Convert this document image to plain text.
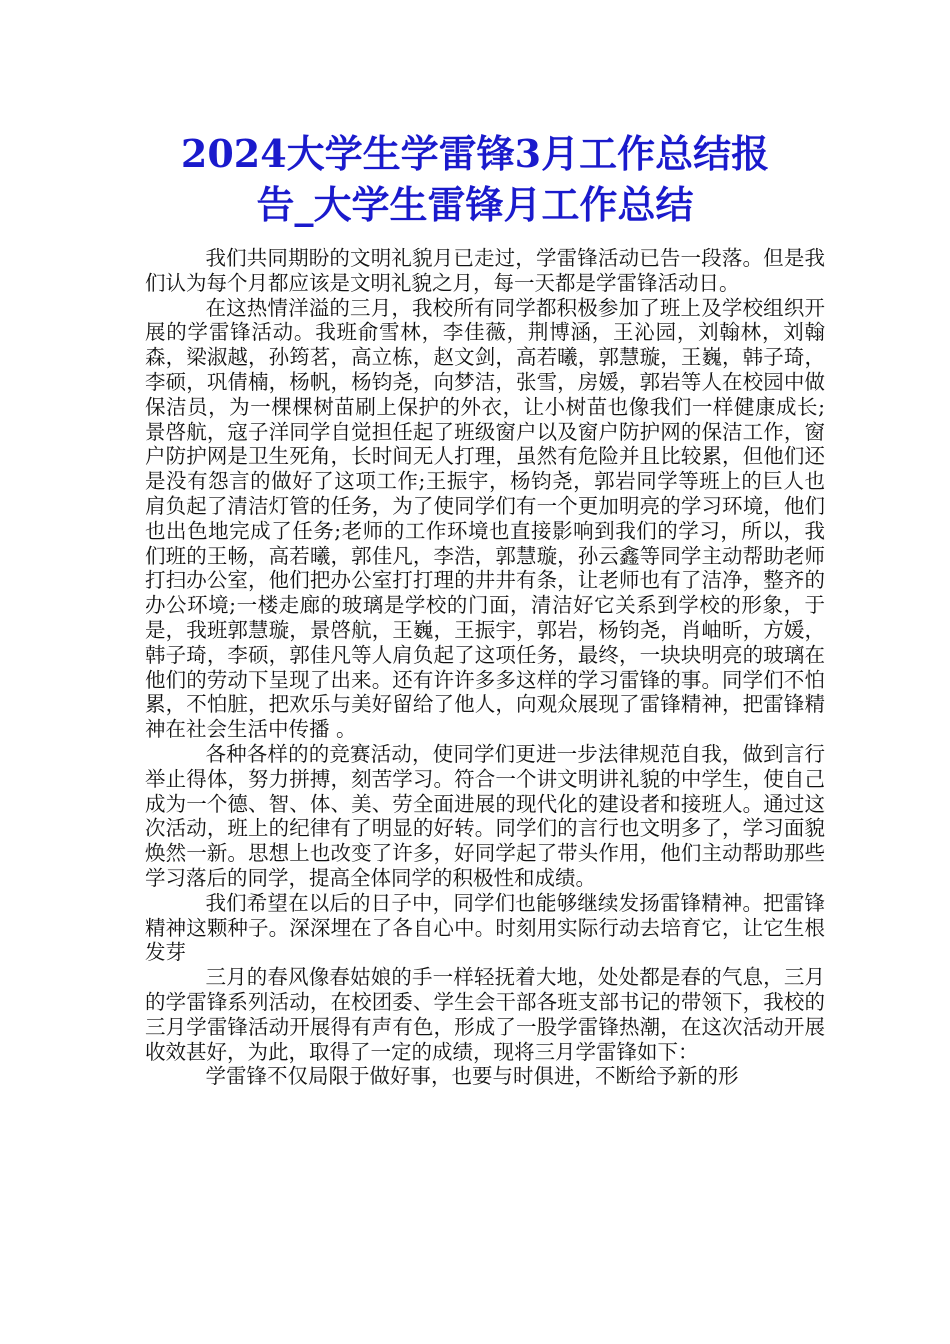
2024大学生学雷锋3月工作总结报
告_大学生雷锋月工作总结

我们共同期盼的文明礼貌月已走过，学雷锋活动已告一段落。但是我们认为每个月都应该是文明礼貌之月，每一天都是学雷锋活动日。

在这热情洋溢的三月，我校所有同学都积极参加了班上及学校组织开展的学雷锋活动。我班俞雪林，李佳薇，荆博涵，王沁园，刘翰林，刘翰森，梁淑越，孙筠茗，高立栋，赵文剑，高若曦，郭慧璇，王巍，韩子琦，李硕，巩倩楠，杨帆，杨钧尧，向梦洁，张雪，房媛，郭岩等人在校园中做保洁员，为一棵棵树苗刷上保护的外衣，让小树苗也像我们一样健康成长;景啓航，寇子洋同学自觉担任起了班级窗户以及窗户防护网的保洁工作，窗户防护网是卫生死角，长时间无人打理，虽然有危险并且比较累，但他们还是没有怨言的做好了这项工作;王振宇，杨钧尧，郭岩同学等班上的巨人也肩负起了清洁灯管的任务，为了使同学们有一个更加明亮的学习环境，他们也出色地完成了任务;老师的工作环境也直接影响到我们的学习，所以，我们班的王畅，高若曦，郭佳凡，李浩，郭慧璇，孙云鑫等同学主动帮助老师打扫办公室，他们把办公室打打理的井井有条，让老师也有了洁净，整齐的办公环境;一楼走廊的玻璃是学校的门面，清洁好它关系到学校的形象，于是，我班郭慧璇，景啓航，王巍，王振宇，郭岩，杨钧尧，肖岫昕，方媛，韩子琦，李硕，郭佳凡等人肩负起了这项任务，最终，一块块明亮的玻璃在他们的劳动下呈现了出来。还有许许多多这样的学习雷锋的事。同学们不怕累，不怕脏，把欢乐与美好留给了他人，向观众展现了雷锋精神，把雷锋精神在社会生活中传播 。

各种各样的的竞赛活动，使同学们更进一步法律规范自我，做到言行举止得体，努力拼搏，刻苦学习。符合一个讲文明讲礼貌的中学生，使自己成为一个德、智、体、美、劳全面进展的现代化的建设者和接班人。通过这次活动，班上的纪律有了明显的好转。同学们的言行也文明多了，学习面貌焕然一新。思想上也改变了许多，好同学起了带头作用，他们主动帮助那些学习落后的同学，提高全体同学的积极性和成绩。

我们希望在以后的日子中，同学们也能够继续发扬雷锋精神。把雷锋精神这颗种子。深深埋在了各自心中。时刻用实际行动去培育它，让它生根发芽

三月的春风像春姑娘的手一样轻抚着大地，处处都是春的气息，三月的学雷锋系列活动，在校团委、学生会干部各班支部书记的带领下，我校的三月学雷锋活动开展得有声有色，形成了一股学雷锋热潮，在这次活动开展收效甚好，为此，取得了一定的成绩，现将三月学雷锋如下：

学雷锋不仅局限于做好事，也要与时俱进，不断给予新的形
